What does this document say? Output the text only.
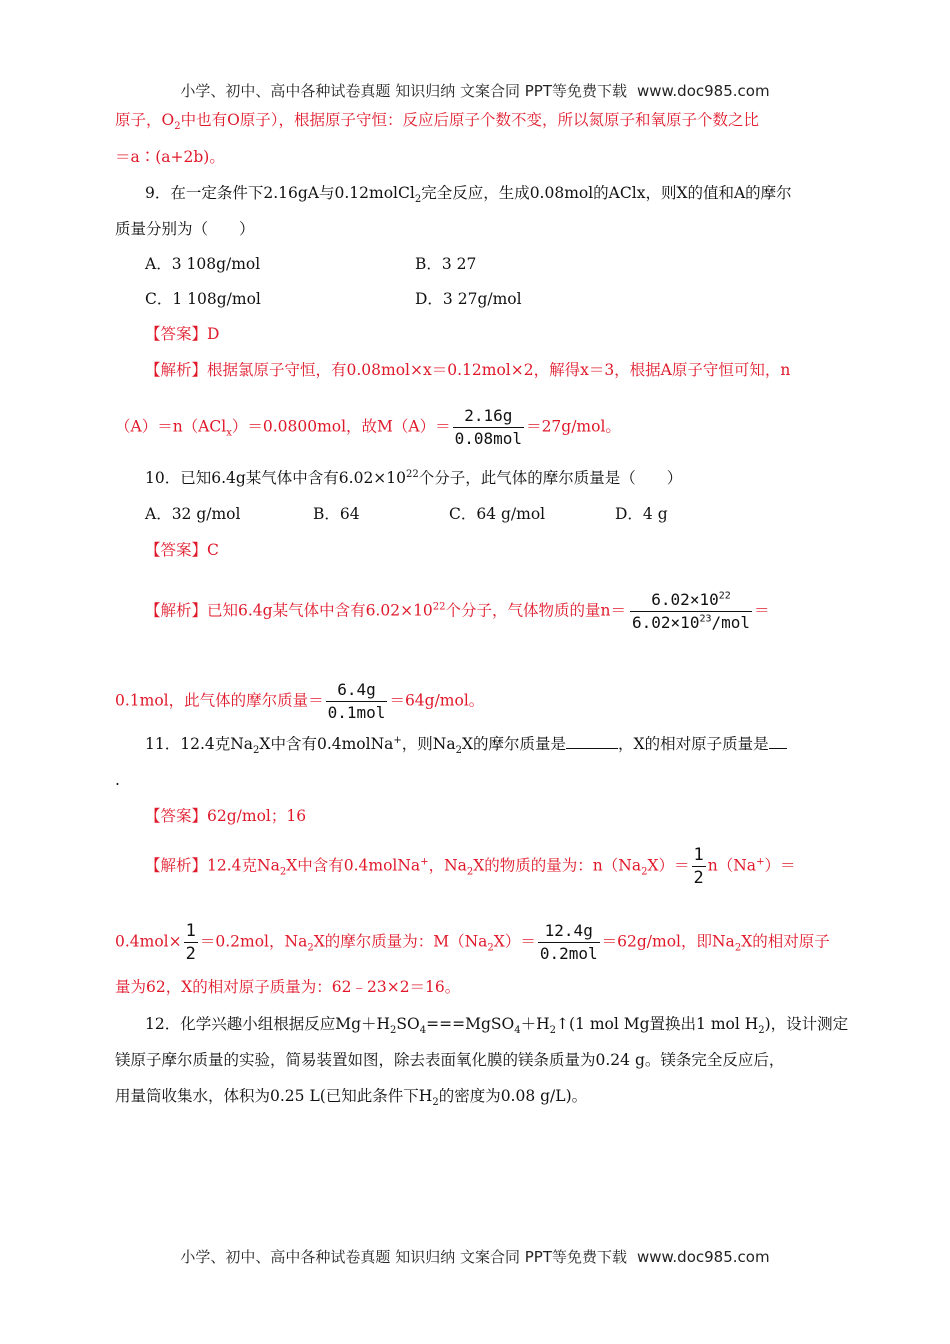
小学、初中、高中各种试卷真题 知识归纳 文案合同 PPT等免费下载 www.doc985.com
原子，$O_2$中也有O原子），根据原子守恒：反应后原子个数不变，所以氮原子和氧原子个数之比
＝a∶(a+2b)。
9．在一定条件下2.16gA与0.12molCl$_2$完全反应，生成0.08mol的AClx，则X的值和A的摩尔
质量分别为（　　）
A．3 108g/mol	B．3 27
C．1 108g/mol	D．3 27g/mol
【答案】D
【解析】根据氯原子守恒，有0.08mol×x＝0.12mol×2，解得x＝3，根据A原子守恒可知，n
（A）＝n（ACl$_x$）＝0.0800mol，故$M(A)= \frac{2.16g}{\text{0.08mol}} =27g/mol$。
10．已知6.4g某气体中含有$6.02\times 10^{22}$个分子，此气体的摩尔质量是（　　）
A．32 g/mol	B．64	C．64 g/mol	D．4 g
【答案】C
【解析】已知6.4g某气体中含有$6.02\times 10^{22}$个分子，气体物质的量$n= \frac{6.02\times 10^{22}}{6.02\times 10^{23}/mol}$ ＝
0.1mol，此气体的摩尔质量＝ $\frac{6.4g}{\text{0.1mol}} =64g/mol$。
11．12.4克$Na_2X$中含有0.4molNa+，则$Na_2X$的摩尔质量是	，X的相对原子质量是
.
【答案】62g/mol；16
【解析】12.4克$Na_2X$中含有0.4molNa+，$Na_2X$的物质的量为：$n(Na_2X)= \frac{1}{2} n(Na^+)=$
$0.4mol\times \frac{1}{2} =0.2mol$，$Na_2X$的摩尔质量为：$M(Na_2X)= \frac{12.4g}{\text{0.2mol}} =62g/mol$，即$Na_2X$的相对原子
量为62，X的相对原子质量为：62﹣23×2＝16。
12．化学兴趣小组根据反应$Mg+H_2SO_4===MgSO_4+H_2↑(1$ mol Mg置换出1 mol $H_2$)，设计测定
镁原子摩尔质量的实验，简易装置如图，除去表面氧化膜的镁条质量为0.24 g。镁条完全反应后，
用量筒收集水，体积为0.25 L(已知此条件下$H_2$的密度为0.08 g/L)。
小学、初中、高中各种试卷真题 知识归纳 文案合同 PPT等免费下载 www.doc985.com
